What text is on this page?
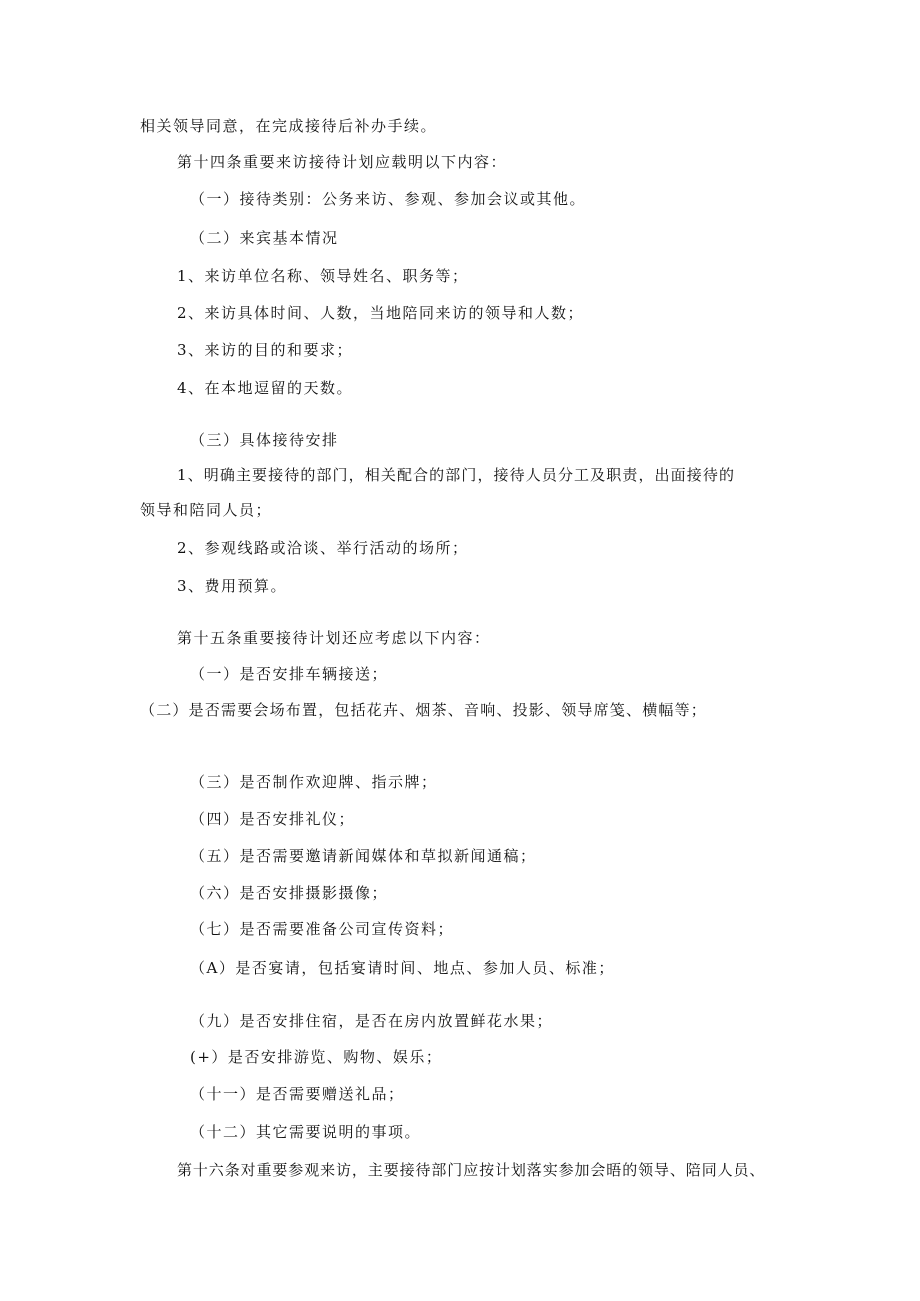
相关领导同意，在完成接待后补办手续。
第十四条重要来访接待计划应载明以下内容：
（一）接待类别：公务来访、参观、参加会议或其他。
（二）来宾基本情况
1、来访单位名称、领导姓名、职务等；
2、来访具体时间、人数，当地陪同来访的领导和人数；
3、来访的目的和要求；
4、在本地逗留的天数。
（三）具体接待安排
1、明确主要接待的部门，相关配合的部门，接待人员分工及职责，出面接待的
领导和陪同人员；
2、参观线路或洽谈、举行活动的场所；
3、费用预算。
第十五条重要接待计划还应考虑以下内容：
（一）是否安排车辆接送；
（二）是否需要会场布置，包括花卉、烟茶、音响、投影、领导席笺、横幅等；
（三）是否制作欢迎牌、指示牌；
（四）是否安排礼仪；
（五）是否需要邀请新闻媒体和草拟新闻通稿；
（六）是否安排摄影摄像；
（七）是否需要准备公司宣传资料；
（A）是否宴请，包括宴请时间、地点、参加人员、标准；
（九）是否安排住宿，是否在房内放置鲜花水果；
(+）是否安排游览、购物、娱乐；
（十一）是否需要赠送礼品；
（十二）其它需要说明的事项。
第十六条对重要参观来访，主要接待部门应按计划落实参加会晤的领导、陪同人员、
